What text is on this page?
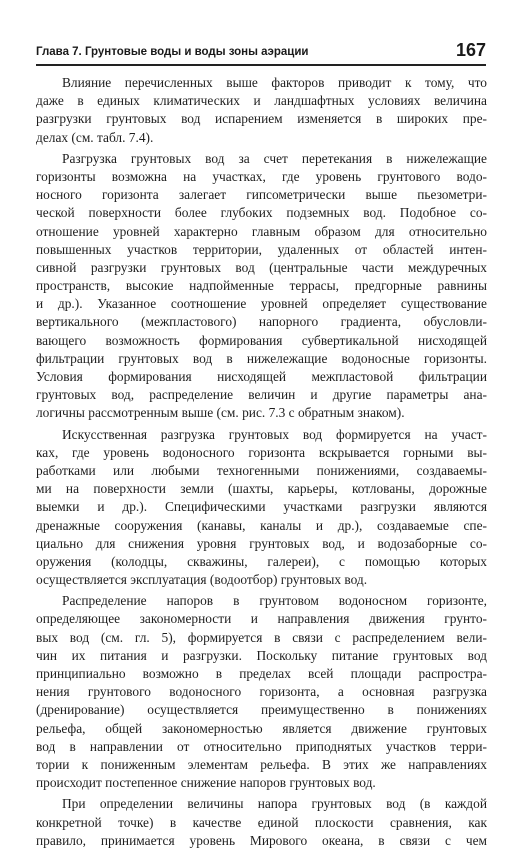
Глава 7. Грунтовые воды и воды зоны аэрации	167
Влияние перечисленных выше факторов приводит к тому, что
даже в единых климатических и ландшафтных условиях величина
разгрузки грунтовых вод испарением изменяется в широких пре-
делах (см. табл. 7.4).
Разгрузка грунтовых вод за счет перетекания в нижележащие
горизонты возможна на участках, где уровень грунтового водо-
носного горизонта залегает гипсометрически выше пьезометри-
ческой поверхности более глубоких подземных вод. Подобное со-
отношение уровней характерно главным образом для относительно
повышенных участков территории, удаленных от областей интен-
сивной разгрузки грунтовых вод (центральные части междуречных
пространств, высокие надпойменные террасы, предгорные равнины
и др.). Указанное соотношение уровней определяет существование
вертикального (межпластового) напорного градиента, обусловли-
вающего возможность формирования субвертикальной нисходящей
фильтрации грунтовых вод в нижележащие водоносные горизонты.
Условия формирования нисходящей межпластовой фильтрации
грунтовых вод, распределение величин и другие параметры ана-
логичны рассмотренным выше (см. рис. 7.3 с обратным знаком).
Искусственная разгрузка грунтовых вод формируется на участ-
ках, где уровень водоносного горизонта вскрывается горными вы-
работками или любыми техногенными понижениями, создаваемы-
ми на поверхности земли (шахты, карьеры, котлованы, дорожные
выемки и др.). Специфическими участками разгрузки являются
дренажные сооружения (канавы, каналы и др.), создаваемые спе-
циально для снижения уровня грунтовых вод, и водозаборные со-
оружения (колодцы, скважины, галереи), с помощью которых
осуществляется эксплуатация (водоотбор) грунтовых вод.
Распределение напоров в грунтовом водоносном горизонте,
определяющее закономерности и направления движения грунто-
вых вод (см. гл. 5), формируется в связи с распределением вели-
чин их питания и разгрузки. Поскольку питание грунтовых вод
принципиально возможно в пределах всей площади распростра-
нения грунтового водоносного горизонта, а основная разгрузка
(дренирование) осуществляется преимущественно в понижениях
рельефа, общей закономерностью является движение грунтовых
вод в направлении от относительно приподнятых участков терри-
тории к пониженным элементам рельефа. В этих же направлениях
происходит постепенное снижение напоров грунтовых вод.
При определении величины напора грунтовых вод (в каждой
конкретной точке) в качестве единой плоскости сравнения, как
правило, принимается уровень Мирового океана, в связи с чем
